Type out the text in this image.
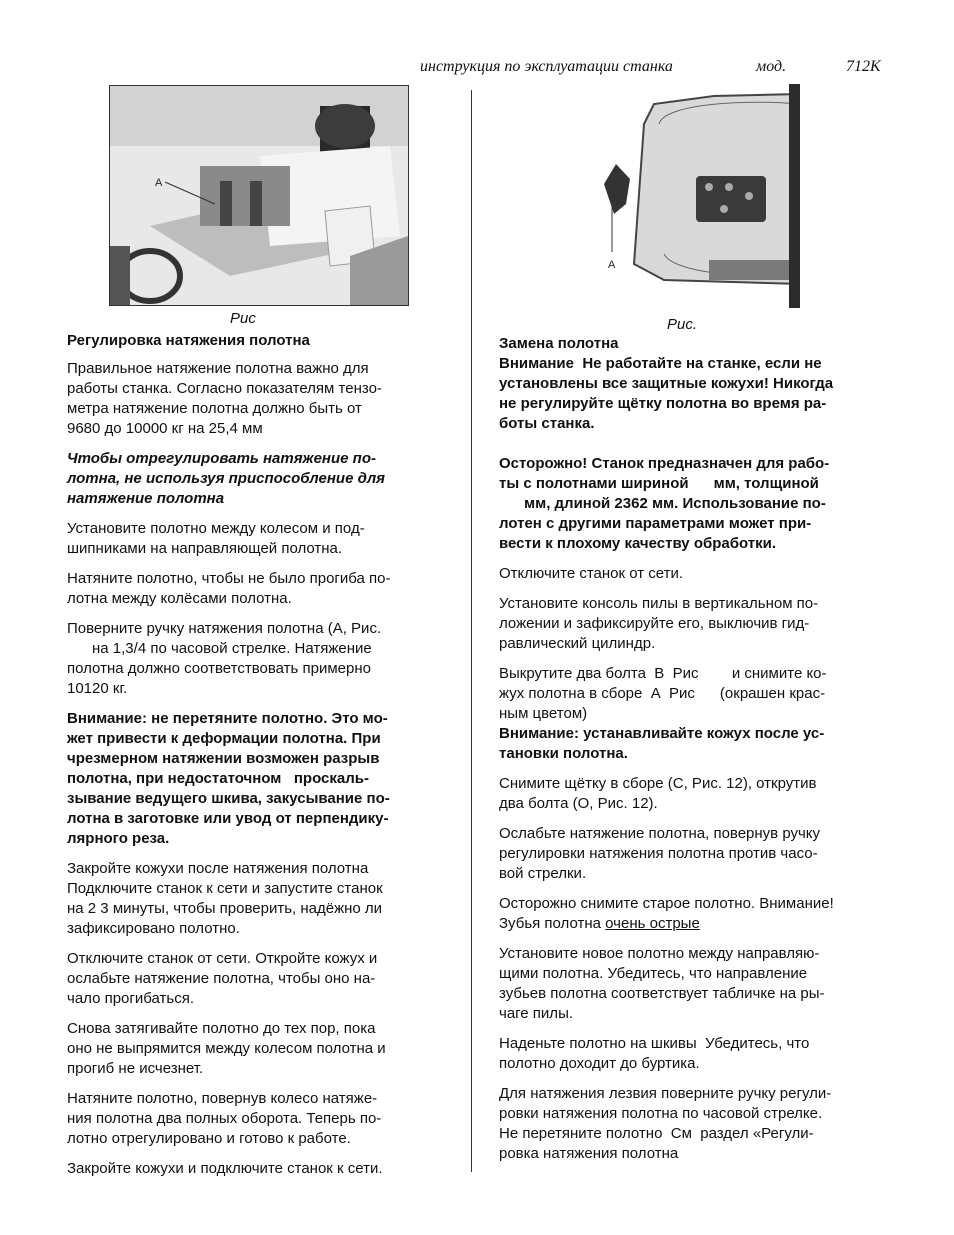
инструкция по эксплуатации станка	мод.	712К
A
Рис
A
Рис.
Регулировка натяжения полотна
Правильное натяжение полотна важно для
работы станка. Согласно показателям тензо-
метра натяжение полотна должно быть от
9680 до 10000 кг на 25,4 мм
Чтобы отрегулировать натяжение по-
лотна, не используя приспособление для
натяжение полотна
Установите полотно между колесом и под-
шипниками на направляющей полотна.
Натяните полотно, чтобы не было прогиба по-
лотна между колёсами полотна.
Поверните ручку натяжения полотна (А, Рис.
на 1,3/4 по часовой стрелке. Натяжение
полотна должно соответствовать примерно
10120 кг.
Внимание: не перетяните полотно. Это мо-
жет привести к деформации полотна. При
чрезмерном натяжении возможен разрыв
полотна, при недостаточном   проскаль-
зывание ведущего шкива, закусывание по-
лотна в заготовке или увод от перпендику-
лярного реза.
Закройте кожухи после натяжения полотна
Подключите станок к сети и запустите станок
на 2 3 минуты, чтобы проверить, надёжно ли
зафиксировано полотно.
Отключите станок от сети. Откройте кожух и
ослабьте натяжение полотна, чтобы оно на-
чало прогибаться.
Снова затягивайте полотно до тех пор, пока
оно не выпрямится между колесом полотна и
прогиб не исчезнет.
Натяните полотно, повернув колесо натяже-
ния полотна два полных оборота. Теперь по-
лотно отрегулировано и готово к работе.
Закройте кожухи и подключите станок к сети.
Замена полотна
Внимание  Не работайте на станке, если не
установлены все защитные кожухи! Никогда
не регулируйте щётку полотна во время ра-
боты станка.
Осторожно! Станок предназначен для рабо-
ты с полотнами шириной      мм, толщиной
мм, длиной 2362 мм. Использование по-
лотен с другими параметрами может при-
вести к плохому качеству обработки.
Отключите станок от сети.
Установите консоль пилы в вертикальном по-
ложении и зафиксируйте его, выключив гид-
равлический цилиндр.
Выкрутите два болта  В  Рис        и снимите ко-
жух полотна в сборе  А  Рис      (окрашен крас-
ным цветом)
Внимание: устанавливайте кожух после ус-
тановки полотна.
Снимите щётку в сборе (С, Рис. 12), открутив
два болта (О, Рис. 12).
Ослабьте натяжение полотна, повернув ручку
регулировки натяжения полотна против часо-
вой стрелки.
Осторожно снимите старое полотно. Внимание!
Зубья полотна очень острые
Установите новое полотно между направляю-
щими полотна. Убедитесь, что направление
зубьев полотна соответствует табличке на ры-
чаге пилы.
Наденьте полотно на шкивы  Убедитесь, что
полотно доходит до буртика.
Для натяжения лезвия поверните ручку регули-
ровки натяжения полотна по часовой стрелке.
Не перетяните полотно  См  раздел «Регули-
ровка натяжения полотна
